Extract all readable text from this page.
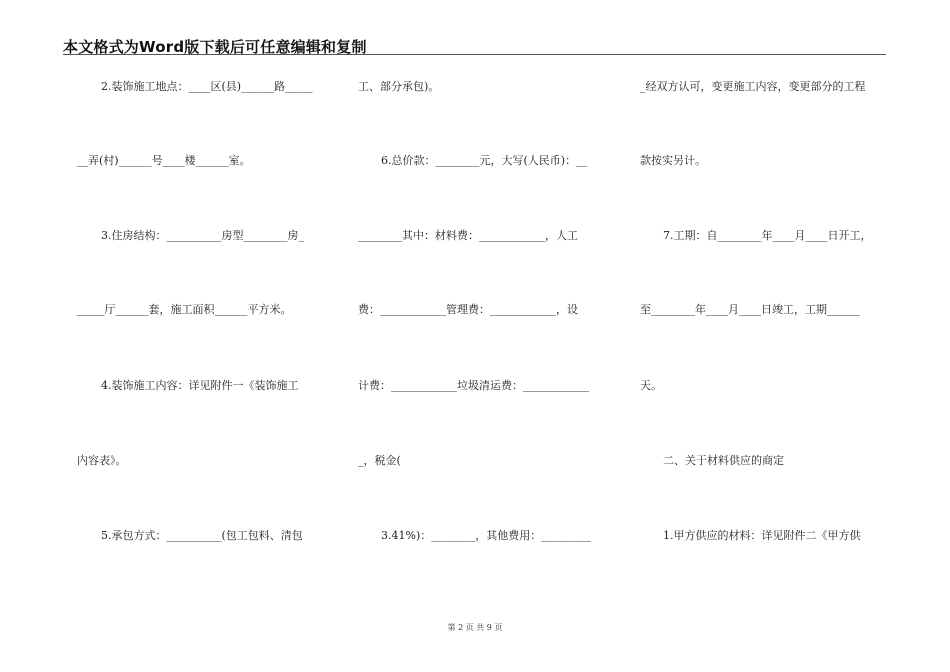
本文格式为Word版下载后可任意编辑和复制
2.装饰施工地点：____区(县)______路_____
__弄(村)______号____楼______室。
3.住房结构：__________房型________房_
_____厅______套，施工面积______平方米。
4.装饰施工内容：详见附件一《装饰施工
内容表》。
5.承包方式：__________(包工包料、清包
工、部分承包)。
6.总价款：________元，大写(人民币)：__
________其中：材料费：____________，人工
费：____________管理费：____________，设
计费：____________垃圾清运费：____________
_，税金(
3.41%)：________，其他费用：_________
_经双方认可，变更施工内容，变更部分的工程
款按实另计。
7.工期：自________年____月____日开工，
至________年____月____日竣工，工期______
天。
二、关于材料供应的商定
1.甲方供应的材料：详见附件二《甲方供
第 2 页 共 9 页
